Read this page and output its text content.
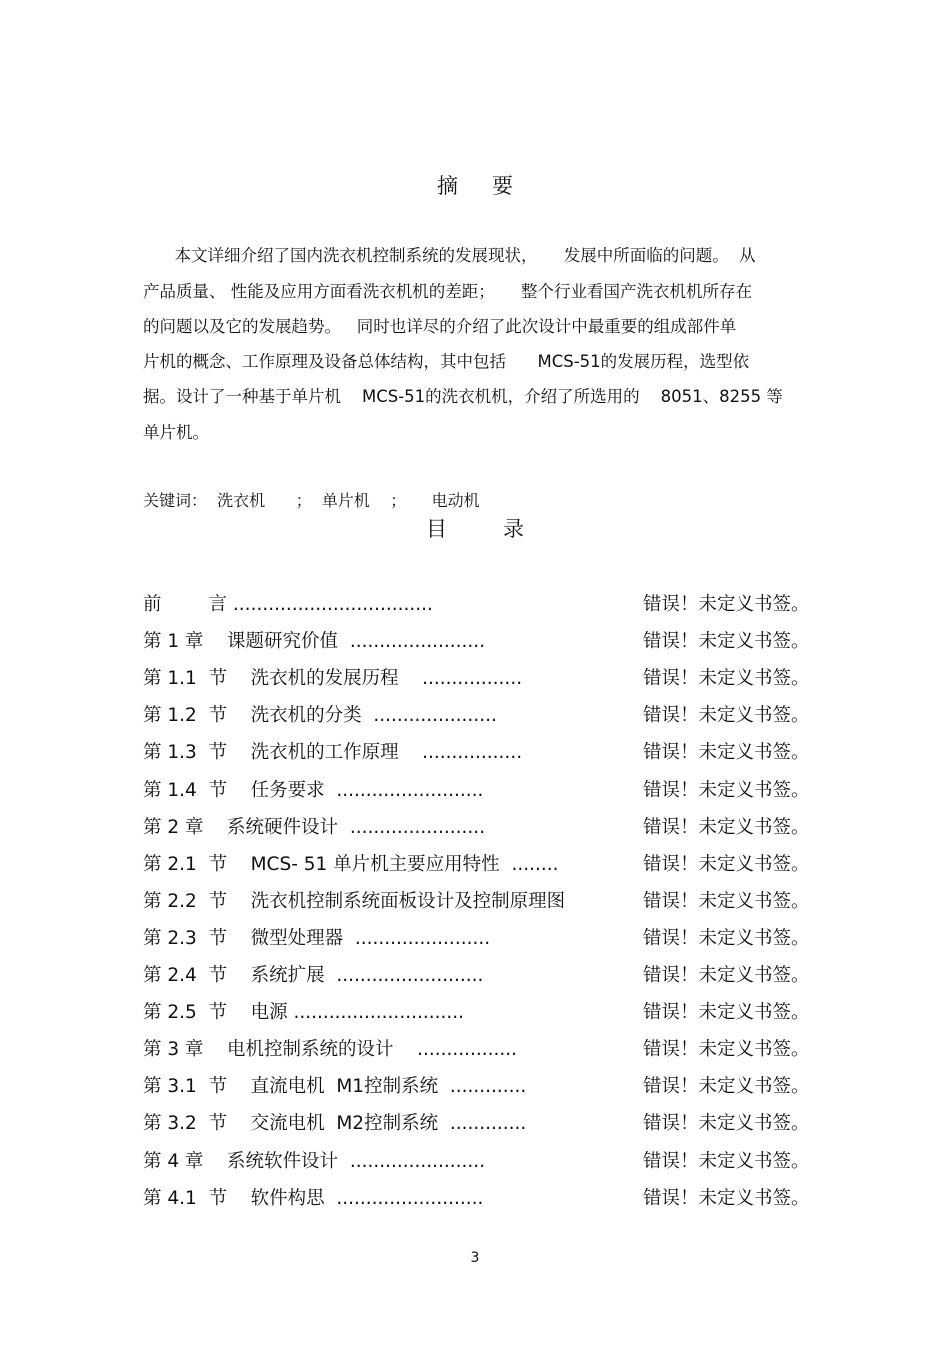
摘要
本文详细介绍了国内洗衣机控制系统的发展现状，     发展中所面临的问题。  从
产品质量、 性能及应用方面看洗衣机机的差距；     整个行业看国产洗衣机机所存在
的问题以及它的发展趋势。   同时也详尽的介绍了此次设计中最重要的组成部件单
片机的概念、工作原理及设备总体结构，其中包括      MCS-51的发展历程，选型依
据。设计了一种基于单片机    MCS-51的洗衣机机，介绍了所选用的    8051、8255 等
单片机。
关键词：  洗衣机      ；  单片机    ；     电动机
目录
前        言 ..................................	错误！未定义书签。
第 1 章    课题研究价值  .......................	错误！未定义书签。
第 1.1  节    洗衣机的发展历程    .................	错误！未定义书签。
第 1.2  节    洗衣机的分类  .....................	错误！未定义书签。
第 1.3  节    洗衣机的工作原理    .................	错误！未定义书签。
第 1.4  节    任务要求  .........................	错误！未定义书签。
第 2 章    系统硬件设计  .......................	错误！未定义书签。
第 2.1  节    MCS- 51 单片机主要应用特性  ........	错误！未定义书签。
第 2.2  节    洗衣机控制系统面板设计及控制原理图	错误！未定义书签。
第 2.3  节    微型处理器  .......................	错误！未定义书签。
第 2.4  节    系统扩展  .........................	错误！未定义书签。
第 2.5  节    电源 .............................	错误！未定义书签。
第 3 章    电机控制系统的设计    .................	错误！未定义书签。
第 3.1  节    直流电机  M1控制系统  .............	错误！未定义书签。
第 3.2  节    交流电机  M2控制系统  .............	错误！未定义书签。
第 4 章    系统软件设计  .......................	错误！未定义书签。
第 4.1  节    软件构思  .........................	错误！未定义书签。
3
